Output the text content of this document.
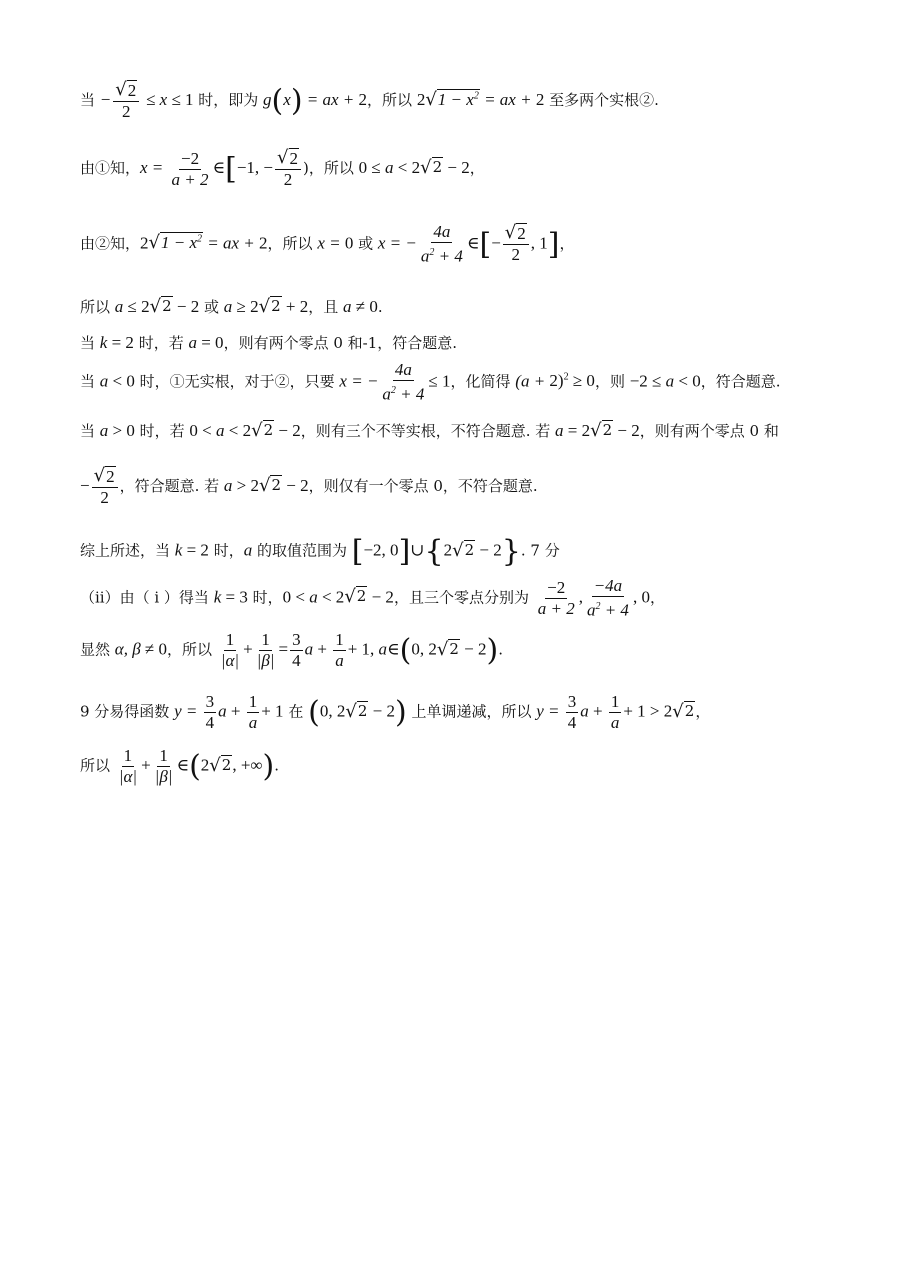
当 − $\frac{√ 2}{2} \le x \le 1$ 时，即为 g(x) = ax + 2，所以 2 √ $1 - x^2$ = ax + 2 至多两个实根②.
由①知，$x = \frac{-2}{a + 2}$ ∈[−1, − $\frac{√ 2}{2}$ )，所以 0 ≤ a < 2 √ 2 − 2，
由②知，2 √ $1 - x^2$ = ax + 2，所以 x = 0 或 x = − $\frac{4a}{a^2 + 4}$ ∈[− $\frac{√ 2}{2}$ , 1]，
所以 a ≤ 2 √ 2 − 2 或 a ≥ 2 √ 2 + 2，且 a ≠ 0.
当 k = 2 时，若 a = 0，则有两个零点 0 和-1，符合题意.
当 a < 0 时，①无实根，对于②，只要 x = − $\frac{4a}{a^2 + 4} \le 1$，化简得 $(a + 2)^2 \ge 0$，则 −2 ≤ a < 0，符合题意.
当 a > 0 时，若 0 < a < 2 √ 2 − 2，则有三个不等实根，不符合题意. 若 a = 2 √ 2 − 2，则有两个零点 0 和
− $\frac{√ 2}{2}$ ，符合题意. 若 a > 2 √ 2 − 2，则仅有一个零点 0，不符合题意.
综上所述，当 k = 2 时，a 的取值范围为 [−2, 0]∪{2 √ 2 − 2}. 7 分
（ii）由（ i ）得当 k = 3 时，0 < a < 2 √ 2 − 2，且三个零点分别为 $\frac{-2}{a + 2}$ , $\frac{-4a}{a^2 + 4}$ , 0，
显然 α, β ≠ 0，所以 $\frac{1}{|\alpha|} + \frac{1}{|\beta|} = \frac{3}{4}$ $a + \frac{1}{a} + 1$, a∈(0, 2 √ 2 − 2).
9 分易得函数 $y = \frac{3}{4}$ $a + \frac{1}{a} + 1$ 在 (0, 2 √ 2 − 2) 上单调递减，所以 $y = \frac{3}{4}$ $a + \frac{1}{a} + 1 > 2$ √ 2 ，
所以 $\frac{1}{|\alpha|} + \frac{1}{|\beta|}$ ∈(2 √ 2 , +∞).
